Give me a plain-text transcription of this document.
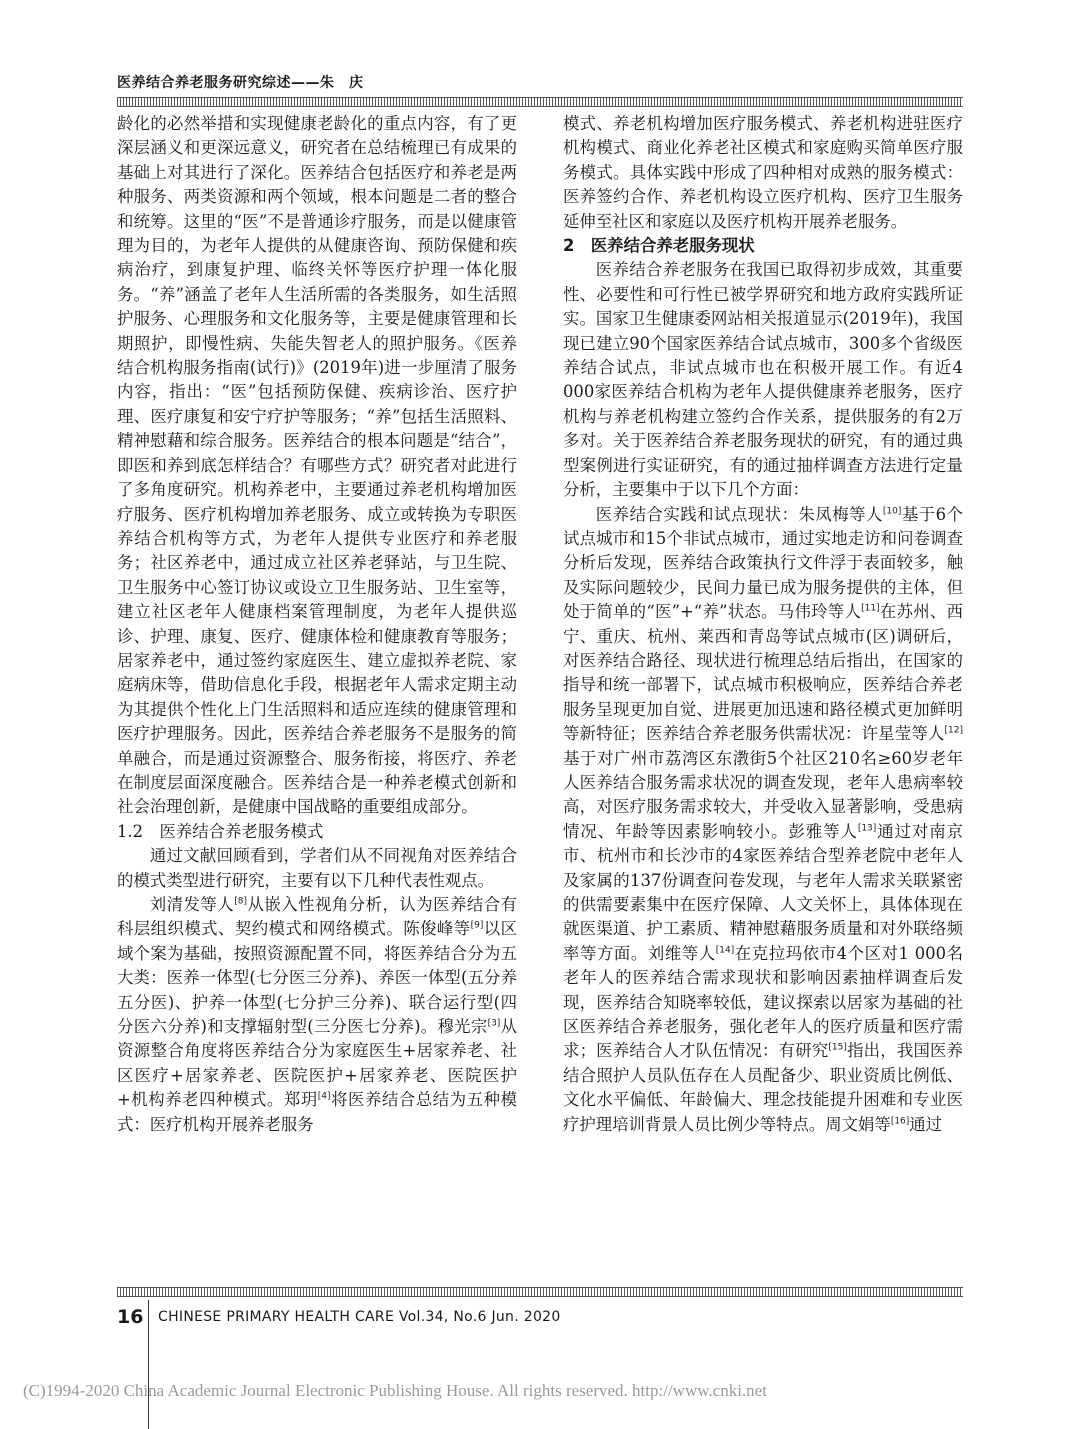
医养结合养老服务研究综述——朱　庆

龄化的必然举措和实现健康老龄化的重点内容，有了更深层涵义和更深远意义，研究者在总结梳理已有成果的基础上对其进行了深化。医养结合包括医疗和养老是两种服务、两类资源和两个领域，根本问题是二者的整合和统筹。这里的“医”不是普通诊疗服务，而是以健康管理为目的，为老年人提供的从健康咨询、预防保健和疾病治疗，到康复护理、临终关怀等医疗护理一体化服务。“养”涵盖了老年人生活所需的各类服务，如生活照护服务、心理服务和文化服务等，主要是健康管理和长期照护，即慢性病、失能失智老人的照护服务。《医养结合机构服务指南(试行)》(2019年)进一步厘清了服务内容，指出：“医”包括预防保健、疾病诊治、医疗护理、医疗康复和安宁疗护等服务；“养”包括生活照料、精神慰藉和综合服务。医养结合的根本问题是“结合”，即医和养到底怎样结合？有哪些方式？研究者对此进行了多角度研究。机构养老中，主要通过养老机构增加医疗服务、医疗机构增加养老服务、成立或转换为专职医养结合机构等方式，为老年人提供专业医疗和养老服务；社区养老中，通过成立社区养老驿站，与卫生院、卫生服务中心签订协议或设立卫生服务站、卫生室等，建立社区老年人健康档案管理制度，为老年人提供巡诊、护理、康复、医疗、健康体检和健康教育等服务；居家养老中，通过签约家庭医生、建立虚拟养老院、家庭病床等，借助信息化手段，根据老年人需求定期主动为其提供个性化上门生活照料和适应连续的健康管理和医疗护理服务。因此，医养结合养老服务不是服务的简单融合，而是通过资源整合、服务衔接，将医疗、养老在制度层面深度融合。医养结合是一种养老模式创新和社会治理创新，是健康中国战略的重要组成部分。

1.2　医养结合养老服务模式

通过文献回顾看到，学者们从不同视角对医养结合的模式类型进行研究，主要有以下几种代表性观点。

刘清发等人[8]从嵌入性视角分析，认为医养结合有科层组织模式、契约模式和网络模式。陈俊峰等[9]以区域个案为基础，按照资源配置不同，将医养结合分为五大类：医养一体型(七分医三分养)、养医一体型(五分养五分医)、护养一体型(七分护三分养)、联合运行型(四分医六分养)和支撑辐射型(三分医七分养)。穆光宗[3]从资源整合角度将医养结合分为家庭医生+居家养老、社区医疗+居家养老、医院医护+居家养老、医院医护+机构养老四种模式。郑玥[4]将医养结合总结为五种模式：医疗机构开展养老服务

模式、养老机构增加医疗服务模式、养老机构进驻医疗机构模式、商业化养老社区模式和家庭购买简单医疗服务模式。具体实践中形成了四种相对成熟的服务模式：医养签约合作、养老机构设立医疗机构、医疗卫生服务延伸至社区和家庭以及医疗机构开展养老服务。

2　医养结合养老服务现状

医养结合养老服务在我国已取得初步成效，其重要性、必要性和可行性已被学界研究和地方政府实践所证实。国家卫生健康委网站相关报道显示(2019年)，我国现已建立90个国家医养结合试点城市，300多个省级医养结合试点，非试点城市也在积极开展工作。有近4 000家医养结合机构为老年人提供健康养老服务，医疗机构与养老机构建立签约合作关系，提供服务的有2万多对。关于医养结合养老服务现状的研究，有的通过典型案例进行实证研究，有的通过抽样调查方法进行定量分析，主要集中于以下几个方面：

医养结合实践和试点现状：朱凤梅等人[10]基于6个试点城市和15个非试点城市，通过实地走访和问卷调查分析后发现，医养结合政策执行文件浮于表面较多，触及实际问题较少，民间力量已成为服务提供的主体，但处于简单的“医”+“养”状态。马伟玲等人[11]在苏州、西宁、重庆、杭州、莱西和青岛等试点城市(区)调研后，对医养结合路径、现状进行梳理总结后指出，在国家的指导和统一部署下，试点城市积极响应，医养结合养老服务呈现更加自觉、进展更加迅速和路径模式更加鲜明等新特征；医养结合养老服务供需状况：许星莹等人[12]基于对广州市荔湾区东漖街5个社区210名≥60岁老年人医养结合服务需求状况的调查发现，老年人患病率较高，对医疗服务需求较大，并受收入显著影响，受患病情况、年龄等因素影响较小。彭雅等人[13]通过对南京市、杭州市和长沙市的4家医养结合型养老院中老年人及家属的137份调查问卷发现，与老年人需求关联紧密的供需要素集中在医疗保障、人文关怀上，具体体现在就医渠道、护工素质、精神慰藉服务质量和对外联络频率等方面。刘维等人[14]在克拉玛依市4个区对1 000名老年人的医养结合需求现状和影响因素抽样调查后发现，医养结合知晓率较低，建议探索以居家为基础的社区医养结合养老服务，强化老年人的医疗质量和医疗需求；医养结合人才队伍情况：有研究[15]指出，我国医养结合照护人员队伍存在人员配备少、职业资质比例低、文化水平偏低、年龄偏大、理念技能提升困难和专业医疗护理培训背景人员比例少等特点。周文娟等[16]通过

16 CHINESE PRIMARY HEALTH CARE Vol.34, No.6 Jun. 2020
(C)1994-2020 China Academic Journal Electronic Publishing House. All rights reserved. http://www.cnki.net
